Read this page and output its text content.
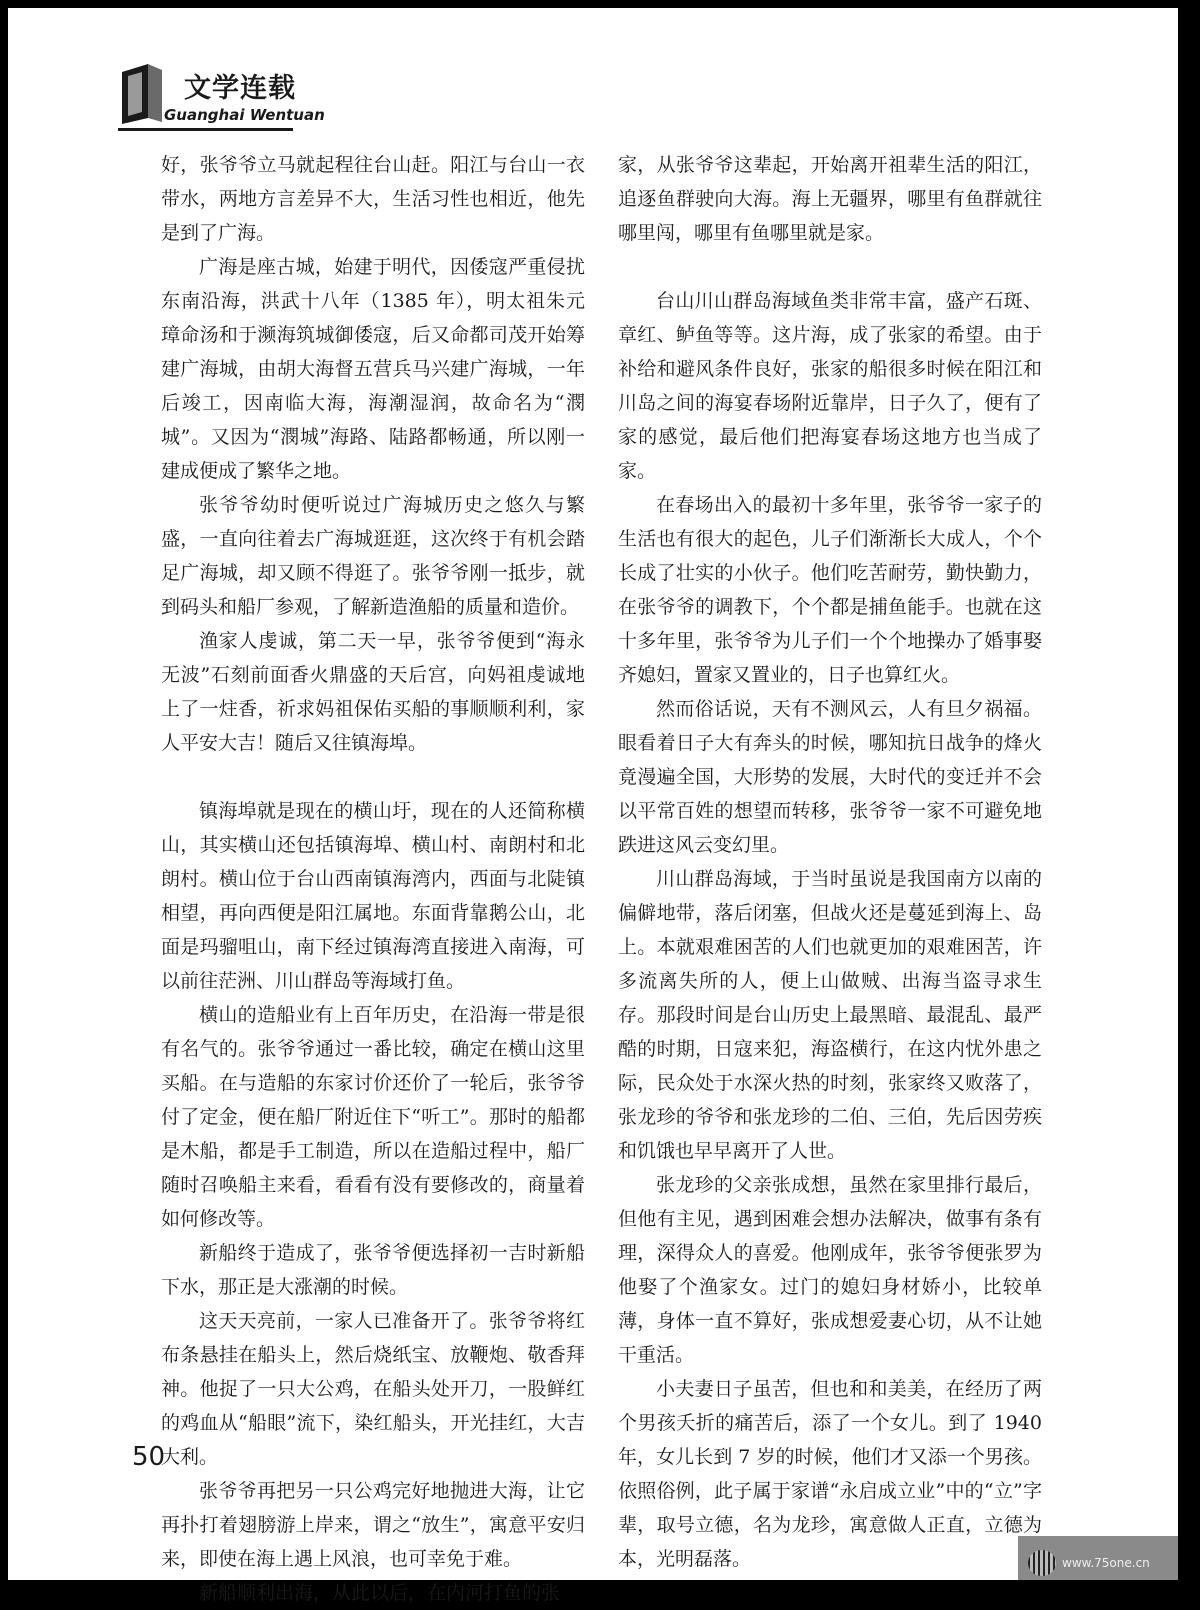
文学连载
Guanghai Wentuan

好，张爷爷立马就起程往台山赶。阳江与台山一衣带水，两地方言差异不大，生活习性也相近，他先是到了广海。

广海是座古城，始建于明代，因倭寇严重侵扰东南沿海，洪武十八年（1385 年），明太祖朱元璋命汤和于濒海筑城御倭寇，后又命都司茂开始筹建广海城，由胡大海督五营兵马兴建广海城，一年后竣工，因南临大海，海潮湿润，故命名为“潣城”。又因为“潣城”海路、陆路都畅通，所以刚一建成便成了繁华之地。

张爷爷幼时便听说过广海城历史之悠久与繁盛，一直向往着去广海城逛逛，这次终于有机会踏足广海城，却又顾不得逛了。张爷爷刚一抵步，就到码头和船厂参观，了解新造渔船的质量和造价。

渔家人虔诚，第二天一早，张爷爷便到“海永无波”石刻前面香火鼎盛的天后宫，向妈祖虔诚地上了一炷香，祈求妈祖保佑买船的事顺顺利利，家人平安大吉！随后又往镇海埠。

镇海埠就是现在的横山圩，现在的人还简称横山，其实横山还包括镇海埠、横山村、南朗村和北朗村。横山位于台山西南镇海湾内，西面与北陡镇相望，再向西便是阳江属地。东面背靠鹅公山，北面是玛骝咀山，南下经过镇海湾直接进入南海，可以前往茫洲、川山群岛等海域打鱼。

横山的造船业有上百年历史，在沿海一带是很有名气的。张爷爷通过一番比较，确定在横山这里买船。在与造船的东家讨价还价了一轮后，张爷爷付了定金，便在船厂附近住下“听工”。那时的船都是木船，都是手工制造，所以在造船过程中，船厂随时召唤船主来看，看看有没有要修改的，商量着如何修改等。

新船终于造成了，张爷爷便选择初一吉时新船下水，那正是大涨潮的时候。

这天天亮前，一家人已准备开了。张爷爷将红布条悬挂在船头上，然后烧纸宝、放鞭炮、敬香拜神。他捉了一只大公鸡，在船头处开刀，一股鲜红的鸡血从“船眼”流下，染红船头，开光挂红，大吉大利。

张爷爷再把另一只公鸡完好地抛进大海，让它再扑打着翅膀游上岸来，谓之“放生”，寓意平安归来，即使在海上遇上风浪，也可幸免于难。

新船顺利出海，从此以后，在内河打鱼的张

家，从张爷爷这辈起，开始离开祖辈生活的阳江，追逐鱼群驶向大海。海上无疆界，哪里有鱼群就往哪里闯，哪里有鱼哪里就是家。

台山川山群岛海域鱼类非常丰富，盛产石斑、章红、鲈鱼等等。这片海，成了张家的希望。由于补给和避风条件良好，张家的船很多时候在阳江和川岛之间的海宴春场附近靠岸，日子久了，便有了家的感觉，最后他们把海宴春场这地方也当成了家。

在春场出入的最初十多年里，张爷爷一家子的生活也有很大的起色，儿子们渐渐长大成人，个个长成了壮实的小伙子。他们吃苦耐劳，勤快勤力，在张爷爷的调教下，个个都是捕鱼能手。也就在这十多年里，张爷爷为儿子们一个个地操办了婚事娶齐媳妇，置家又置业的，日子也算红火。

然而俗话说，天有不测风云，人有旦夕祸福。眼看着日子大有奔头的时候，哪知抗日战争的烽火竟漫遍全国，大形势的发展，大时代的变迁并不会以平常百姓的想望而转移，张爷爷一家不可避免地跌进这风云变幻里。

川山群岛海域，于当时虽说是我国南方以南的偏僻地带，落后闭塞，但战火还是蔓延到海上、岛上。本就艰难困苦的人们也就更加的艰难困苦，许多流离失所的人，便上山做贼、出海当盗寻求生存。那段时间是台山历史上最黑暗、最混乱、最严酷的时期，日寇来犯，海盗横行，在这内忧外患之际，民众处于水深火热的时刻，张家终又败落了，张龙珍的爷爷和张龙珍的二伯、三伯，先后因劳疾和饥饿也早早离开了人世。

张龙珍的父亲张成想，虽然在家里排行最后，但他有主见，遇到困难会想办法解决，做事有条有理，深得众人的喜爱。他刚成年，张爷爷便张罗为他娶了个渔家女。过门的媳妇身材娇小，比较单薄，身体一直不算好，张成想爱妻心切，从不让她干重活。

小夫妻日子虽苦，但也和和美美，在经历了两个男孩夭折的痛苦后，添了一个女儿。到了 1940 年，女儿长到 7 岁的时候，他们才又添一个男孩。依照俗例，此子属于家谱“永启成立业”中的“立”字辈，取号立德，名为龙珍，寓意做人正直，立德为本，光明磊落。

50
www.75one.cn
